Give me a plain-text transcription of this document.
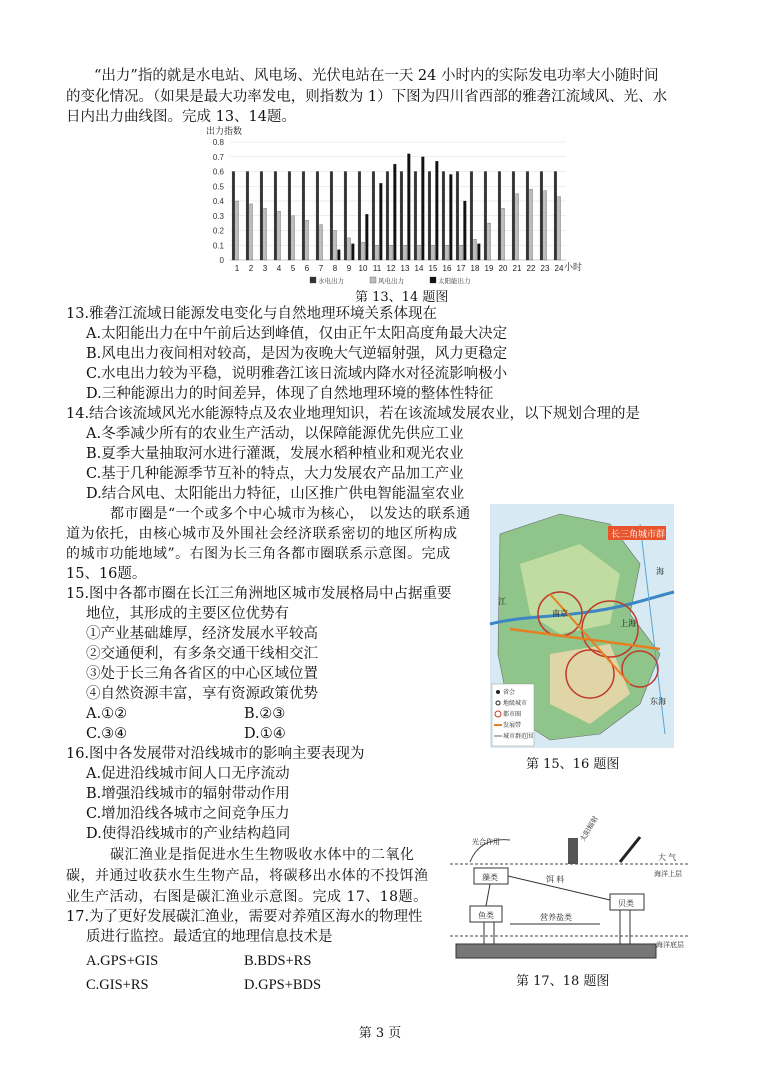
“出力”指的就是水电站、风电场、光伏电站在一天 24 小时内的实际发电功率大小随时间
的变化情况。（如果是最大功率发电，则指数为 1）下图为四川省西部的雅砻江流域风、光、水
日内出力曲线图。完成 13、14题。
出力指数
1 2 3 4 5 6 7 8 9 10 11 12 13 14 15 16 17 18 19 20 21 22 23 24
0
0.1
0.2
0.3
0.4
0.5
0.6
0.7
0.8
小时
水电出力	风电出力	太阳能出力
第 13、14 题图
13.雅砻江流域日能源发电变化与自然地理环境关系体现在
A.太阳能出力在中午前后达到峰值，仅由正午太阳高度角最大决定
B.风电出力夜间相对较高，是因为夜晚大气逆辐射强，风力更稳定
C.水电出力较为平稳，说明雅砻江该日流域内降水对径流影响极小
D.三种能源出力的时间差异，体现了自然地理环境的整体性特征
14.结合该流域风光水能源特点及农业地理知识，若在该流域发展农业，以下规划合理的是
A.冬季减少所有的农业生产活动，以保障能源优先供应工业
B.夏季大量抽取河水进行灌溉，发展水稻种植业和观光农业
C.基于几种能源季节互补的特点，大力发展农产品加工产业
D.结合风电、太阳能出力特征，山区推广供电智能温室农业
都市圈是“一个或多个中心城市为核心， 以发达的联系通
道为依托，由核心城市及外围社会经济联系密切的地区所构成
的城市功能地域”。右图为长三角各都市圈联系示意图。完成
15、16题。
长三角城市群
南京
上海
江
东海
海
省会
地级城市
都市圈
发展带
城市群范围
第 15、16 题图
15.图中各都市圈在长江三角洲地区城市发展格局中占据重要
地位，其形成的主要区位优势有
①产业基础雄厚，经济发展水平较高
②交通便利，有多条交通干线相交汇
③处于长三角各省区的中心区域位置
④自然资源丰富，享有资源政策优势
A.①②	B.②③
C.③④	D.①④
16.图中各发展带对沿线城市的影响主要表现为
A.促进沿线城市间人口无序流动
B.增强沿线城市的辐射带动作用
C.增加沿线各城市之间竞争压力
D.使得沿线城市的产业结构趋同
碳汇渔业是指促进水生生物吸收水体中的二氧化
碳，并通过收获水生生物产品，将碳移出水体的不投饵渔
业生产活动，右图是碳汇渔业示意图。完成 17、18题。
光合作用	太阳辐射
大 气
海洋上层
藻类	饵 料
贝类
鱼类	营养盐类
海洋底层
第 17、18 题图
17.为了更好发展碳汇渔业，需要对养殖区海水的物理性
质进行监控。最适宜的地理信息技术是
A.GPS+GIS	B.BDS+RS
C.GIS+RS	D.GPS+BDS
第 3 页
